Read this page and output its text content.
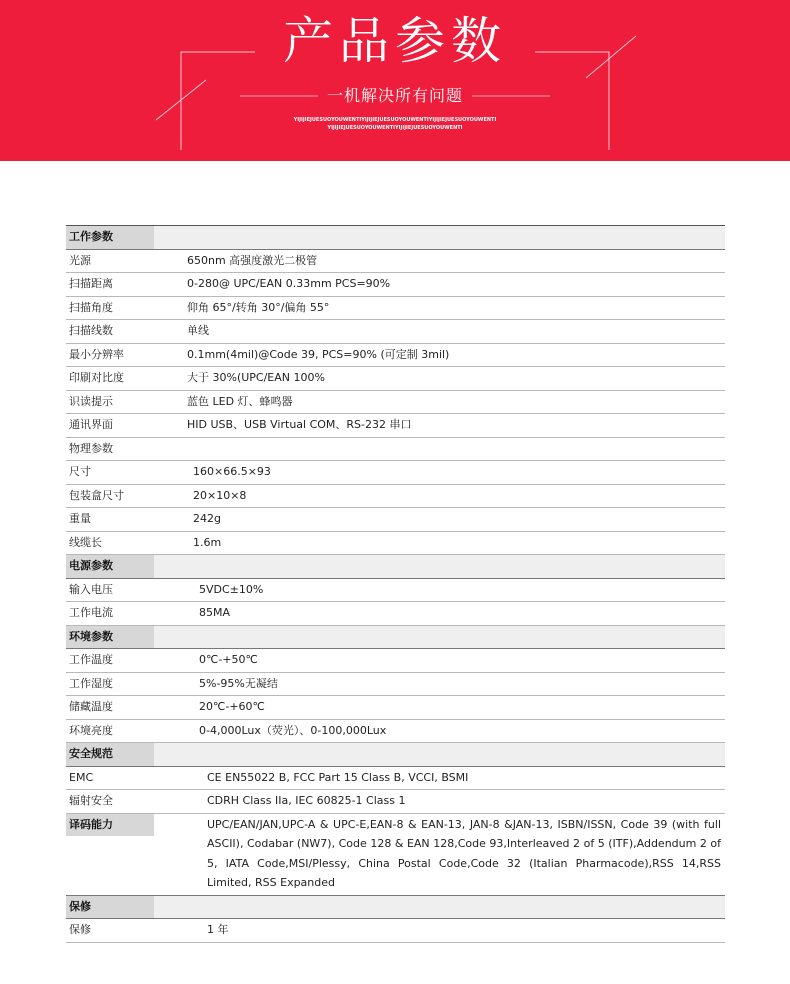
产品参数
一机解决所有问题
YIJIJIEJUESUOYOUWENTIYIJIJIEJUESUOYOUWENTIYIJIJIEJUESUOYOUWENTI
YIJIJIEJUESUOYOUWENTIYIJIJIEJUESUOYOUWENTI
工作参数
光源	650nm 高强度激光二极管
扫描距离	0-280@ UPC/EAN 0.33mm PCS=90%
扫描角度	仰角 65°/转角 30°/偏角 55°
扫描线数	单线
最小分辨率	0.1mm(4mil)@Code 39, PCS=90% (可定制 3mil)
印刷对比度	大于 30%(UPC/EAN 100%
识读提示	蓝色 LED 灯、蜂鸣器
通讯界面	HID USB、USB Virtual COM、RS-232 串口
物理参数
尺寸	160×66.5×93
包装盒尺寸	20×10×8
重量	242g
线缆长	1.6m
电源参数
输入电压	5VDC±10%
工作电流	85MA
环境参数
工作温度	0℃-+50℃
工作湿度	5%-95%无凝结
储藏温度	20℃-+60℃
环境亮度	0-4,000Lux（荧光）、0-100,000Lux
安全规范
EMC	CE EN55022 B, FCC Part 15 Class B, VCCI, BSMI
辐射安全	CDRH Class IIa, IEC 60825-1 Class 1
译码能力	UPC/EAN/JAN,UPC-A & UPC-E,EAN-8 & EAN-13, JAN-8 &JAN-13, ISBN/ISSN, Code 39 (with full ASCII), Codabar (NW7), Code 128 & EAN 128,Code 93,Interleaved 2 of 5 (ITF),Addendum 2 of 5, IATA Code,MSI/Plessy, China Postal Code,Code 32 (Italian Pharmacode),RSS 14,RSS Limited, RSS Expanded
保修
保修	1 年
